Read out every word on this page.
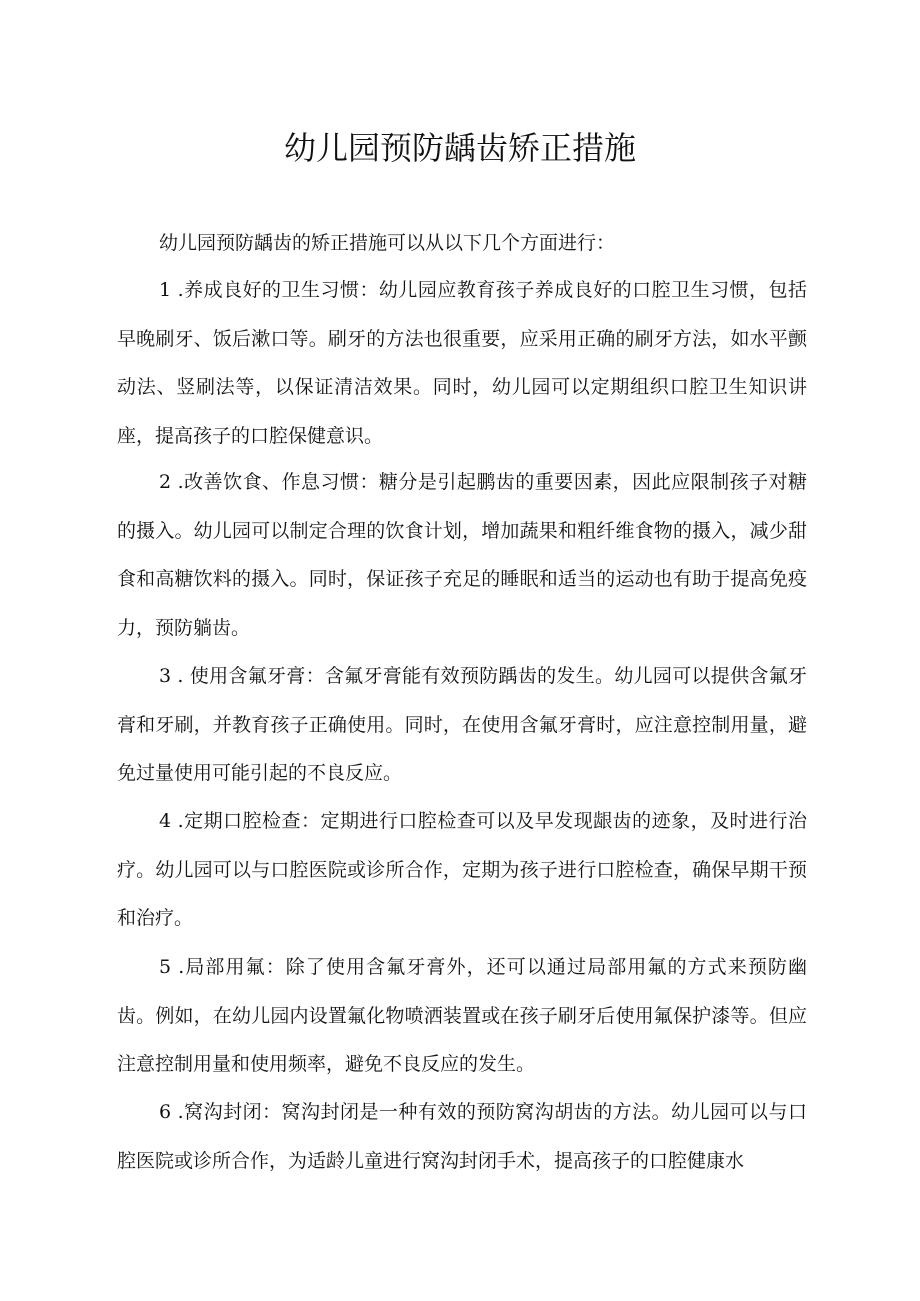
幼儿园预防龋齿矫正措施

幼儿园预防龋齿的矫正措施可以从以下几个方面进行：

1 .养成良好的卫生习惯：幼儿园应教育孩子养成良好的口腔卫生习惯，包括早晚刷牙、饭后漱口等。刷牙的方法也很重要，应采用正确的刷牙方法，如水平颤动法、竖刷法等，以保证清洁效果。同时，幼儿园可以定期组织口腔卫生知识讲座，提高孩子的口腔保健意识。

2 .改善饮食、作息习惯：糖分是引起鹏齿的重要因素，因此应限制孩子对糖的摄入。幼儿园可以制定合理的饮食计划，增加蔬果和粗纤维食物的摄入，减少甜食和高糖饮料的摄入。同时，保证孩子充足的睡眠和适当的运动也有助于提高免疫力，预防躺齿。

3 . 使用含氟牙膏：含氟牙膏能有效预防踽齿的发生。幼儿园可以提供含氟牙膏和牙刷，并教育孩子正确使用。同时，在使用含氟牙膏时，应注意控制用量，避免过量使用可能引起的不良反应。

4 .定期口腔检查：定期进行口腔检查可以及早发现龈齿的迹象，及时进行治疗。幼儿园可以与口腔医院或诊所合作，定期为孩子进行口腔检查，确保早期干预和治疗。

5 .局部用氟：除了使用含氟牙膏外，还可以通过局部用氟的方式来预防幽齿。例如，在幼儿园内设置氟化物喷洒装置或在孩子刷牙后使用氟保护漆等。但应注意控制用量和使用频率，避免不良反应的发生。

6 .窝沟封闭：窝沟封闭是一种有效的预防窝沟胡齿的方法。幼儿园可以与口腔医院或诊所合作，为适龄儿童进行窝沟封闭手术，提高孩子的口腔健康水
